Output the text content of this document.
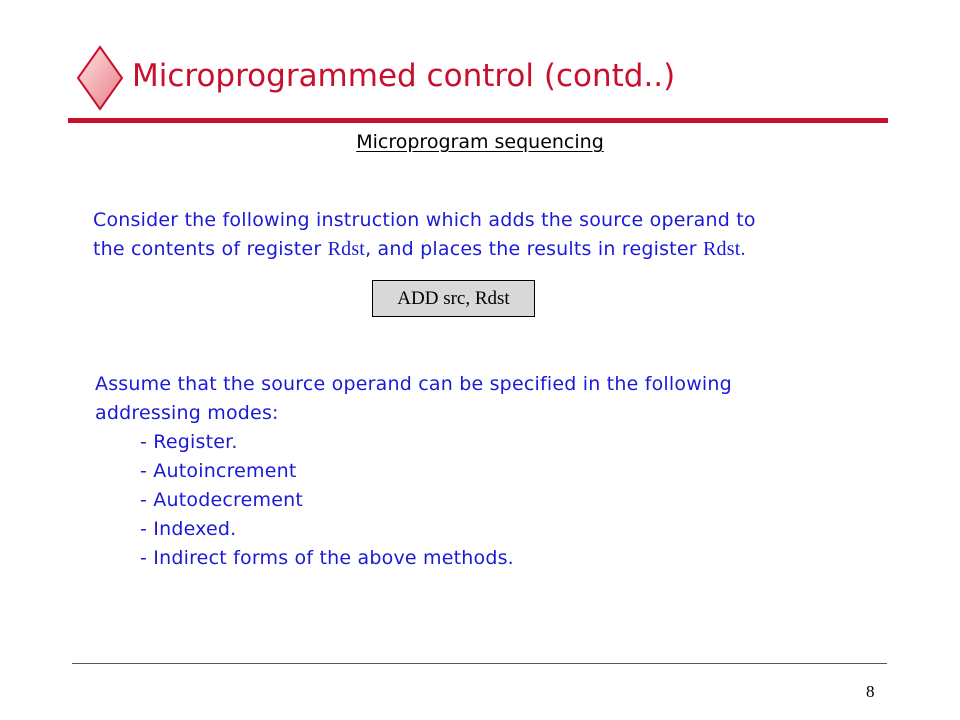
Microprogrammed control (contd..)
Microprogram sequencing
Consider the following instruction which adds the source operand to
the contents of register Rdst, and places the results in register Rdst.
ADD src, Rdst
Assume that the source operand can be specified in the following
addressing modes:
- Register.
- Autoincrement
- Autodecrement
- Indexed.
- Indirect forms of the above methods.
8
